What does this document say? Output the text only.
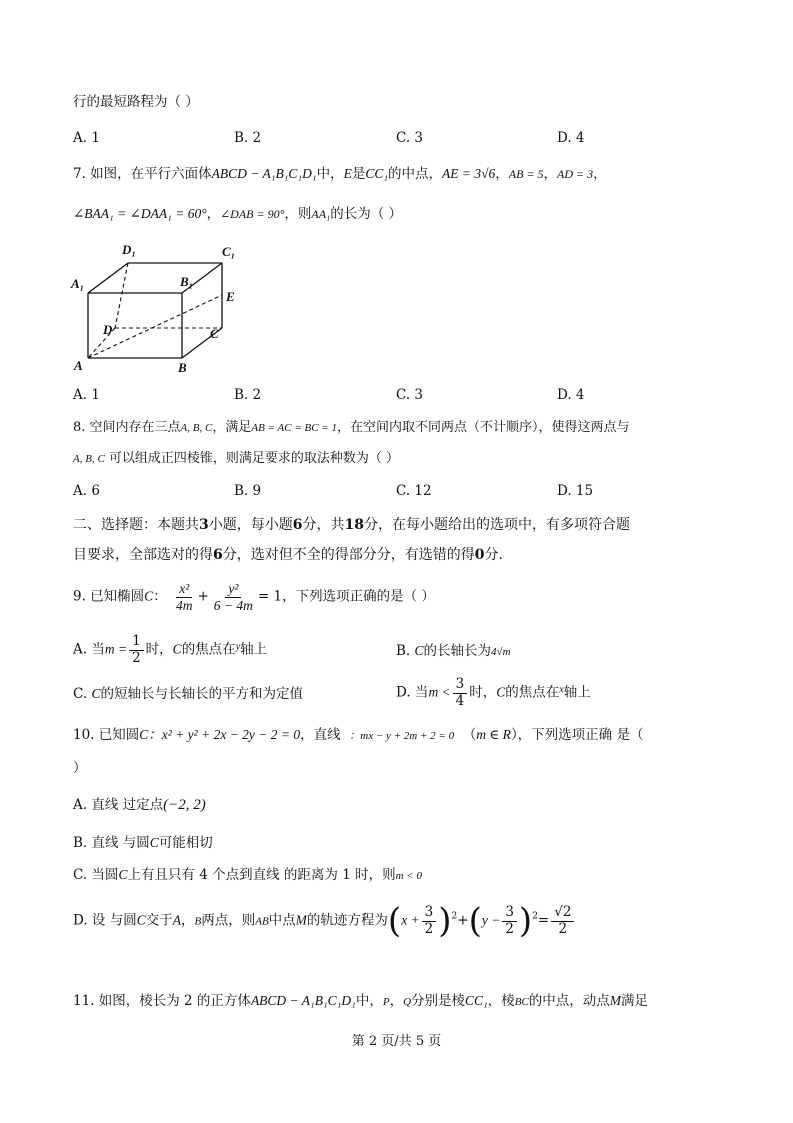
行的最短路程为（ ）
A. 1	B. 2	C. 3	D. 4
7. 如图，在平行六面体ABCD − A₁B₁C₁D₁中，E是CC₁的中点，AE = 3√6，AB = 5，AD = 3，
∠BAA₁ = ∠DAA₁ = 60°，∠DAB = 90°，则AA₁的长为（ ）
D₁	C₁
A₁	B₁
E
D	C
A	B
A. 1	B. 2	C. 3	D. 4
8. 空间内存在三点A, B, C，满足AB = AC = BC = 1，在空间内取不同两点（不计顺序），使得这两点与
A, B, C 可以组成正四棱锥，则满足要求的取法种数为（ ）
A. 6	B. 9	C. 12	D. 15
二、选择题：本题共3小题，每小题6分，共18分，在每小题给出的选项中，有多项符合题
目要求，全部选对的得6分，选对但不全的得部分分，有选错的得0分.
9. 已知椭圆C： $\frac{\text{x²}}{4m} + \frac{\text{y²}}{6 - 4m} = 1$，下列选项正确的是（ ）
A. 当$m = \frac{1}{2}$ 时，C的焦点在$^y$轴上	B. C的长轴长为4√m
C. C的短轴长与长轴长的平方和为定值	D. 当$m < \frac{3}{4}$ 时，C的焦点在$^x$轴上
10. 已知圆C：x² + y² + 2x − 2y − 2 = 0，直线 ：mx − y + 2m + 2 = 0 （m ∈ R），下列选项正确 是（
）
A. 直线 过定点(−2, 2)
B. 直线 与圆C可能相切
C. 当圆C上有且只有 4 个点到直线 的距离为 1 时，则m < 0
D. 设 与圆C交于A，B两点，则AB中点M的轨迹方程为$(x + \frac{3}{2} )^2+(y - \frac{3}{2} )^2= \frac{√2}{2}$
11. 如图，棱长为 2 的正方体ABCD − A₁B₁C₁D₁中，P，Q分别是棱CC₁，棱BC的中点，动点M满足
第 2 页/共 5 页
